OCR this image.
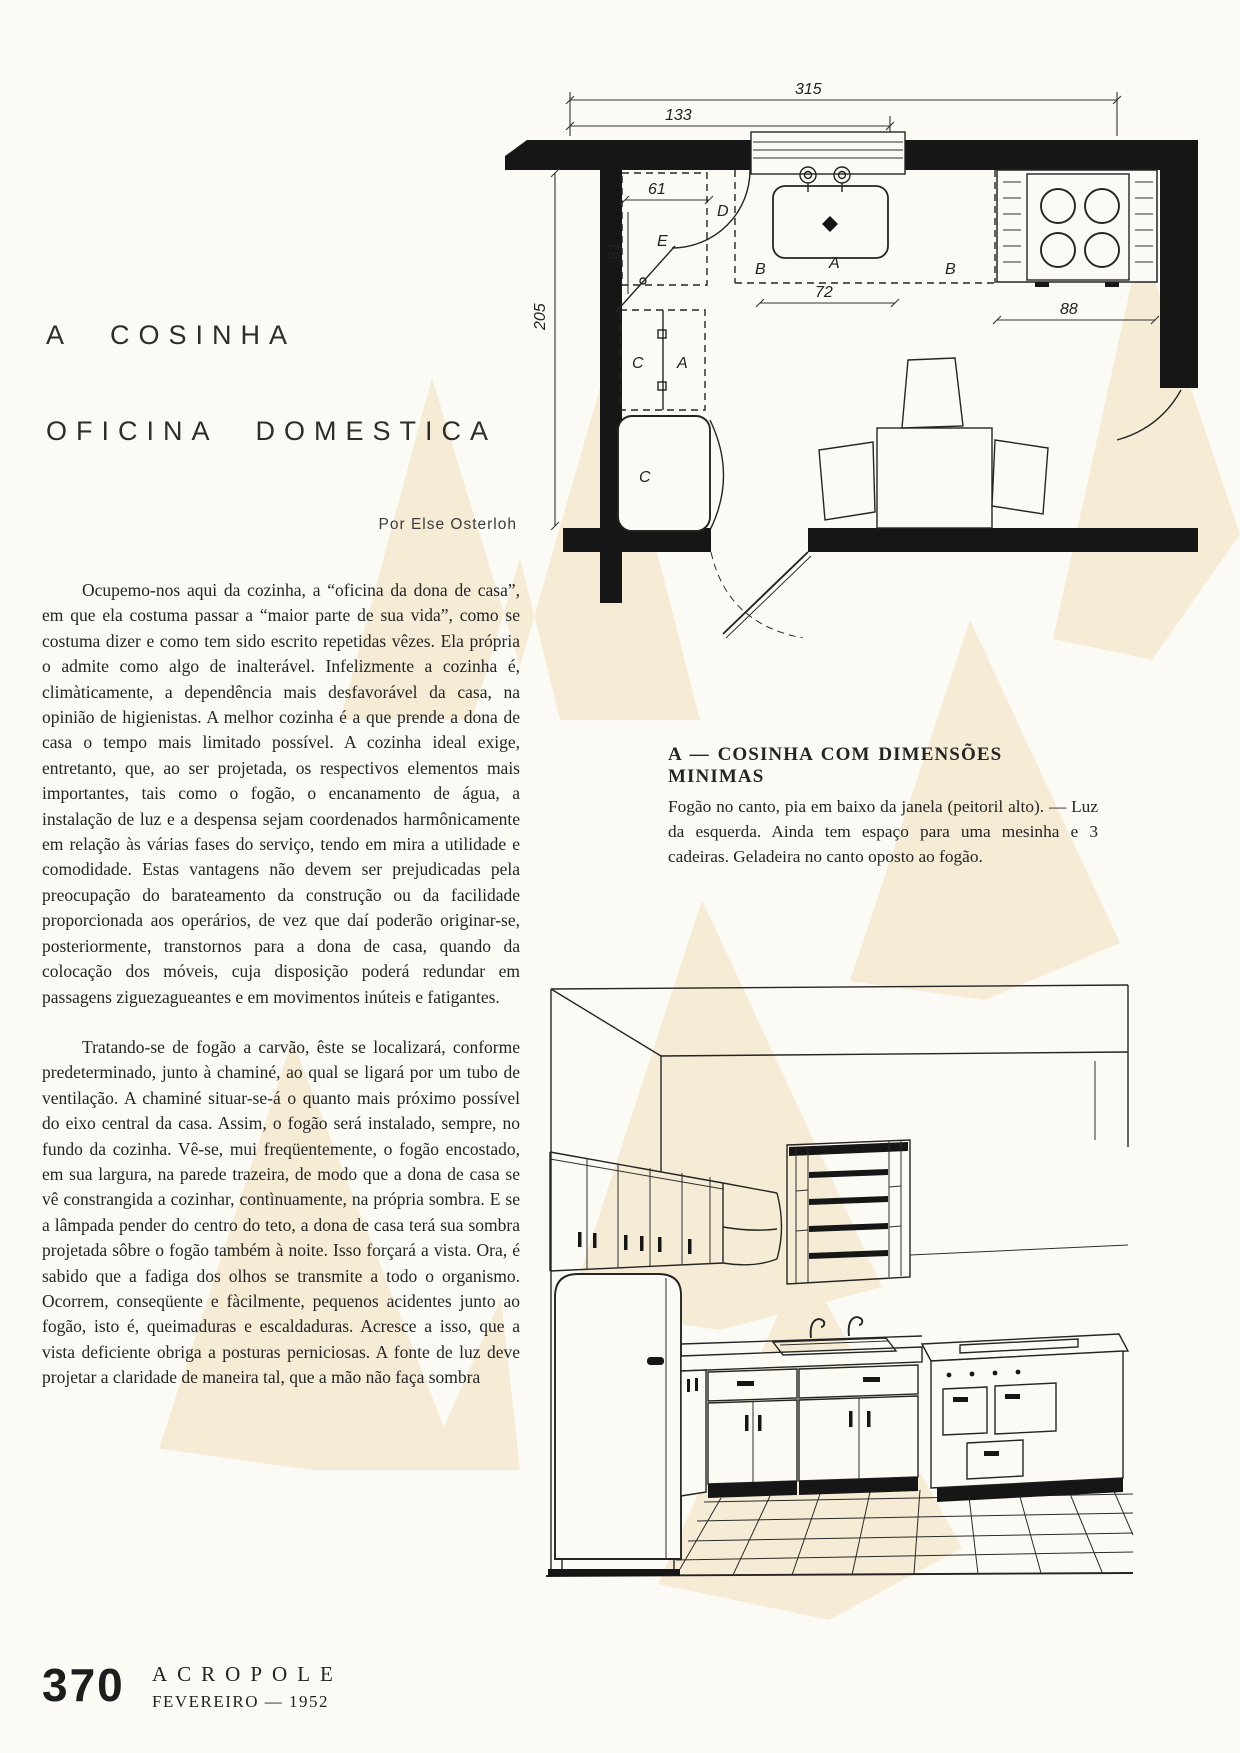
A COSINHA
OFICINA DOMESTICA
Por Else Osterloh

Ocupemo-nos aqui da cozinha, a “oficina da dona de casa”, em que ela costuma passar a “maior parte de sua vida”, como se costuma dizer e como tem sido escrito repetidas vêzes. Ela própria o admite como algo de inalterável. Infelizmente a cozinha é, climàticamente, a dependência mais desfavorável da casa, na opinião de higienistas. A melhor cozinha é a que prende a dona de casa o tempo mais limitado possível. A cozinha ideal exige, entretanto, que, ao ser projetada, os respectivos elementos mais importantes, tais como o fogão, o encanamento de água, a instalação de luz e a despensa sejam coordenados harmônicamente em relação às várias fases do serviço, tendo em mira a utilidade e comodidade. Estas vantagens não devem ser prejudicadas pela preocupação do barateamento da construção ou da facilidade proporcionada aos operários, de vez que daí poderão originar-se, posteriormente, transtornos para a dona de casa, quando da colocação dos móveis, cuja disposição poderá redundar em passagens ziguezagueantes e em movimentos inúteis e fatigantes.

Tratando-se de fogão a carvão, êste se localizará, conforme predeterminado, junto à chaminé, ao qual se ligará por um tubo de ventilação. A chaminé situar-se-á o quanto mais próximo possível do eixo central da casa. Assim, o fogão será instalado, sempre, no fundo da cozinha. Vê-se, mui freqüentemente, o fogão encostado, em sua largura, na parede trazeira, de modo que a dona de casa se vê constrangida a cozinhar, contìnuamente, na própria sombra. E se a lâmpada pender do centro do teto, a dona de casa terá sua sombra projetada sôbre o fogão também à noite. Isso forçará a vista. Ora, é sabido que a fadiga dos olhos se transmite a todo o organismo. Ocorrem, conseqüente e fàcilmente, pequenos acidentes junto ao fogão, isto é, queimaduras e escaldaduras. Acresce a isso, que a vista deficiente obriga a posturas perniciosas. A fonte de luz deve projetar a claridade de maneira tal, que a mão não faça sombra

315
133
61
61
205
E
D
B	A	B
72
88
C A
C
A — COSINHA COM DIMENSÕES MINIMAS
Fogão no canto, pia em baixo da janela (peitoril alto). — Luz da esquerda. Ainda tem espaço para uma mesinha e 3 cadeiras. Geladeira no canto oposto ao fogão.
370 ACROPOLE
FEVEREIRO — 1952
